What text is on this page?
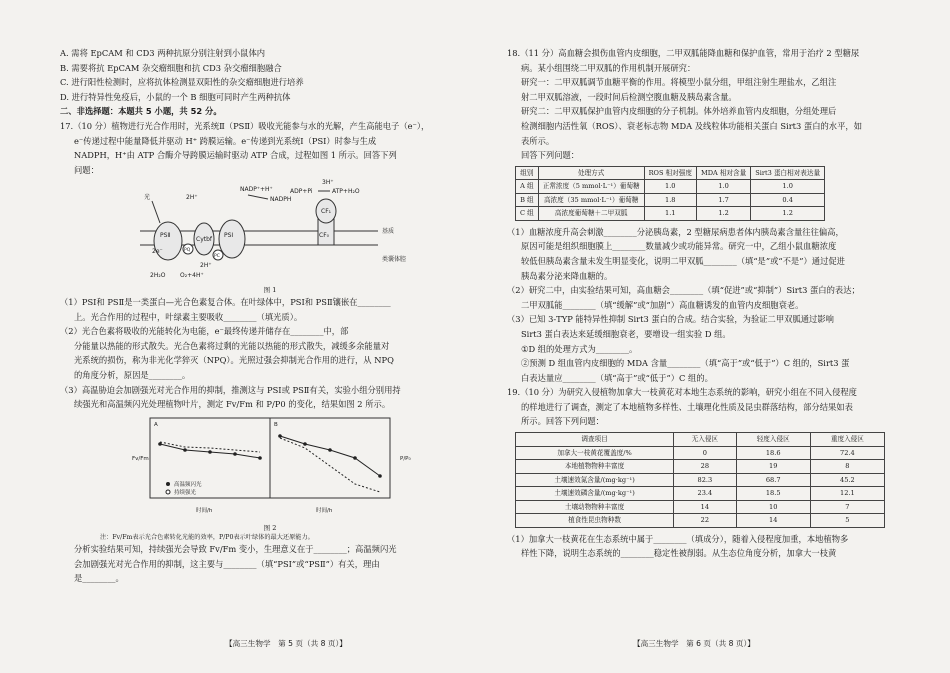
A. 需将 EpCAM 和 CD3 两种抗原分别注射到小鼠体内
B. 需要将抗 EpCAM 杂交瘤细胞和抗 CD3 杂交瘤细胞融合
C. 进行阳性检测时，应将抗体检测显双阳性的杂交瘤细胞进行培养
D. 进行特异性免疫后，小鼠的一个 B 细胞可同时产生两种抗体
二、非选择题：本题共 5 小题，共 52 分。
17.（10 分）植物进行光合作用时，光系统Ⅱ（PSⅡ）吸收光能参与水的光解，产生高能电子（e⁻），
e⁻传递过程中能量降低并驱动 H⁺ 跨膜运输。e⁻传递到光系统Ⅰ（PSⅠ）时参与生成
NADPH，H⁺由 ATP 合酶介导跨膜运输时驱动 ATP 合成，过程如图 1 所示。回答下列
问题：
PSⅡ
Cytbf
PSⅠ
PQ
PC
CF₁
CF₀
基质
类囊体腔
光	2H⁺
NADP⁺+H⁺
NADPH
ADP+Pi	ATP+H₂O
3H⁺
2e⁻
2H₂O O₂+4H⁺
2H⁺
图 1
（1）PSⅠ和 PSⅡ是一类蛋白—光合色素复合体。在叶绿体中，PSⅠ和 PSⅡ镶嵌在________
上。光合作用的过程中，叶绿素主要吸收________（填光质）。
（2）光合色素将吸收的光能转化为电能，e⁻最终传递并储存在________中，部
分能量以热能的形式散失。光合色素将过剩的光能以热能的形式散失，减缓多余能量对
光系统的损伤，称为非光化学猝灭（NPQ）。光照过强会抑制光合作用的进行，从 NPQ
的角度分析，原因是________。
（3）高温胁迫会加剧强光对光合作用的抑制，推测这与 PSⅠ或 PSⅡ有关，实验小组分别用持
续强光和高温频闪光处理植物叶片，测定 Fv/Fm 和 P/P0 的变化，结果如图 2 所示。
A	B
Fv/Fm	P/P₀
时间/h	时间/h
高温频闪光
持续强光
图 2
注：Fv/Fm表示光合色素转化光能的效率，P/P0表示叶绿体的最大还原能力。
分析实验结果可知，持续强光会导致 Fv/Fm 变小，生理意义在于________；高温频闪光
会加剧强光对光合作用的抑制，这主要与________（填“PSⅠ”或“PSⅡ”）有关，理由
是________。
18.（11 分）高血糖会损伤血管内皮细胞，二甲双胍能降血糖和保护血管，常用于治疗 2 型糖尿
病。某小组围绕二甲双胍的作用机制开展研究：
研究一：二甲双胍调节血糖平衡的作用。将模型小鼠分组，甲组注射生理盐水，乙组注
射二甲双胍溶液，一段时间后检测空腹血糖及胰岛素含量。
研究二：二甲双胍保护血管内皮细胞的分子机制。体外培养血管内皮细胞，分组处理后
检测细胞内活性氧（ROS）、衰老标志物 MDA 及线粒体功能相关蛋白 Sirt3 蛋白的水平，如
表所示。
回答下列问题：
组别	处理方式	ROS 相对强度	MDA 相对含量	Sirt3 蛋白相对表达量
A 组	正常浓度（5 mmol·L⁻¹）葡萄糖	1.0	1.0	1.0
B 组	高浓度（35 mmol·L⁻¹）葡萄糖	1.8	1.7	0.4
C 组	高浓度葡萄糖＋二甲双胍	1.1	1.2	1.2
（1）血糖浓度升高会刺激________分泌胰岛素，2 型糖尿病患者体内胰岛素含量往往偏高，
原因可能是组织细胞膜上________数量减少或功能异常。研究一中，乙组小鼠血糖浓度
较低但胰岛素含量未发生明显变化，说明二甲双胍________（填“是”或“不是”）通过促进
胰岛素分泌来降血糖的。
（2）研究二中，由实验结果可知，高血糖会________（填“促进”或“抑制”）Sirt3 蛋白的表达；
二甲双胍能________（填“缓解”或“加剧”）高血糖诱发的血管内皮细胞衰老。
（3）已知 3-TYP 能特异性抑制 Sirt3 蛋白的合成。结合实验，为验证二甲双胍通过影响
Sirt3 蛋白表达来延缓细胞衰老，要增设一组实验 D 组。
①D 组的处理方式为________。
②预测 D 组血管内皮细胞的 MDA 含量________（填“高于”或“低于”）C 组的，Sirt3 蛋
白表达量应________（填“高于”或“低于”）C 组的。
19.（10 分）为研究入侵植物加拿大一枝黄花对本地生态系统的影响，研究小组在不同入侵程度
的样地进行了调查，测定了本地植物多样性、土壤理化性质及昆虫群落结构，部分结果如表
所示。回答下列问题：
调查项目	无入侵区	轻度入侵区	重度入侵区
加拿大一枝黄花覆盖度/%	0	18.6	72.4
本地植物物种丰富度	28	19	8
土壤速效氮含量/(mg·kg⁻¹)	82.3	68.7	45.2
土壤速效磷含量/(mg·kg⁻¹)	23.4	18.5	12.1
土壤动物物种丰富度	14	10	7
植食性昆虫物种数	22	14	5
（1）加拿大一枝黄花在生态系统中属于________（填成分），随着入侵程度加重，本地植物多
样性下降，说明生态系统的________稳定性被削弱。从生态位角度分析，加拿大一枝黄
【高三生物学　第 5 页（共 8 页）】	【高三生物学　第 6 页（共 8 页）】
